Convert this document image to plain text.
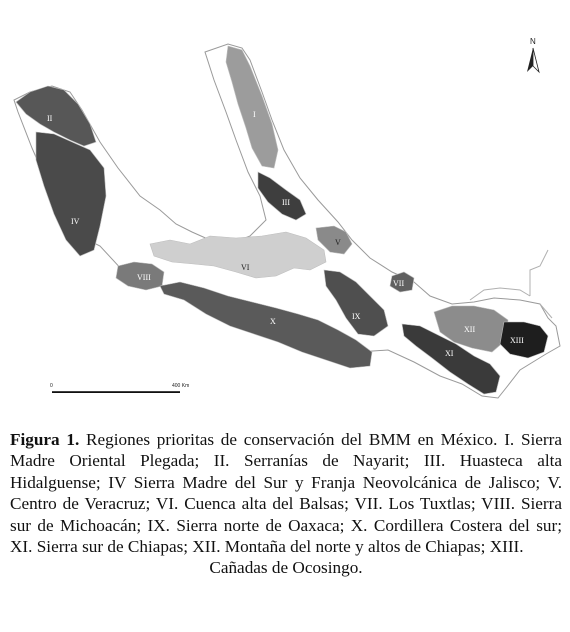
I
II
III
IV
V
VI
VII
VIII
IX
X
XI
XII
XIII
N
0	400 Km
Figura 1. Regiones prioritas de conservación del BMM en México. I. Sierra Madre Oriental Plegada; II. Serranías de Nayarit; III. Huasteca alta Hidalguense; IV Sierra Madre del Sur y Franja Neovolcánica de Jalisco; V. Centro de Veracruz; VI. Cuenca alta del Balsas; VII. Los Tuxtlas; VIII. Sierra sur de Michoacán; IX. Sierra norte de Oaxaca; X. Cordillera Costera del sur; XI. Sierra sur de Chiapas; XII. Montaña del norte y altos de Chiapas; XIII.
Cañadas de Ocosingo.
